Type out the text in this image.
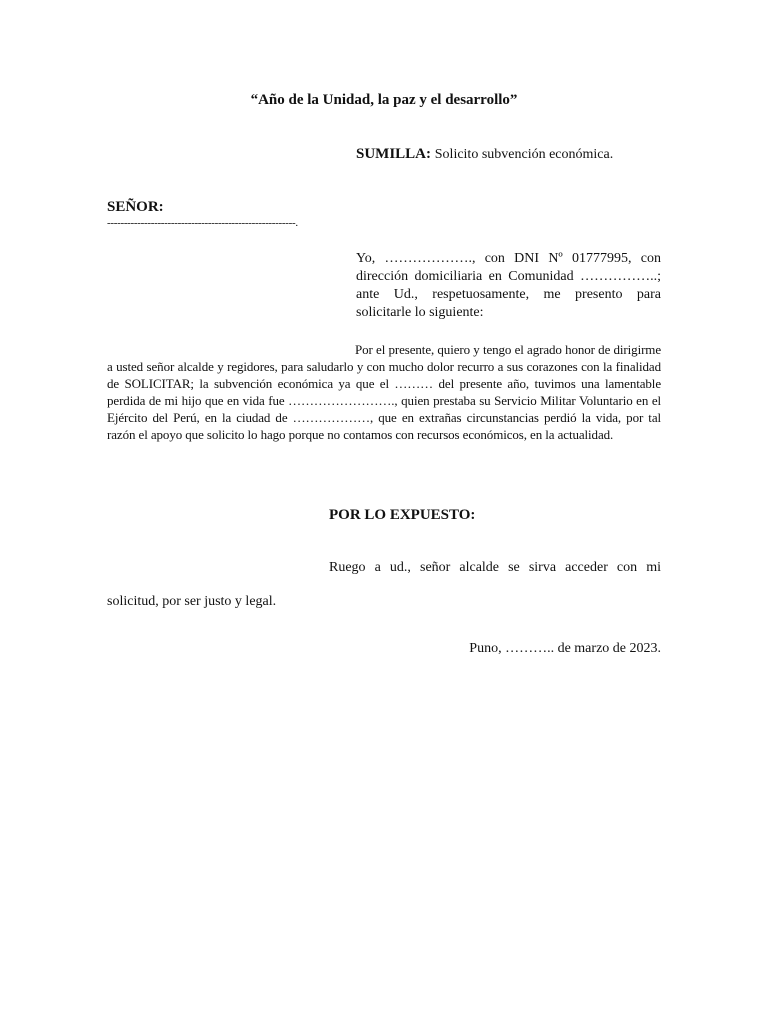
“Año de la Unidad, la paz y el desarrollo”

SUMILLA: Solicito subvención económica.

SEÑOR:

--------------------------------------------------------.

Yo, ………………., con DNI Nº 01777995, con dirección domiciliaria en Comunidad ……………..; ante Ud., respetuosamente, me presento para solicitarle lo siguiente:

Por el presente, quiero y tengo el agrado honor de dirigirme a usted señor alcalde y regidores, para saludarlo y con mucho dolor recurro a sus corazones con la finalidad de SOLICITAR; la subvención económica ya que el ……… del presente año, tuvimos una lamentable perdida de mi hijo que en vida fue ……………………., quien prestaba su Servicio Militar Voluntario en el Ejército del Perú, en la ciudad de ………………, que en extrañas circunstancias perdió la vida, por tal razón el apoyo que solicito lo hago porque no contamos con recursos económicos, en la actualidad.

POR LO EXPUESTO:

Ruego a ud., señor alcalde se sirva acceder con mi solicitud, por ser justo y legal.

Puno, ……….. de marzo de 2023.
